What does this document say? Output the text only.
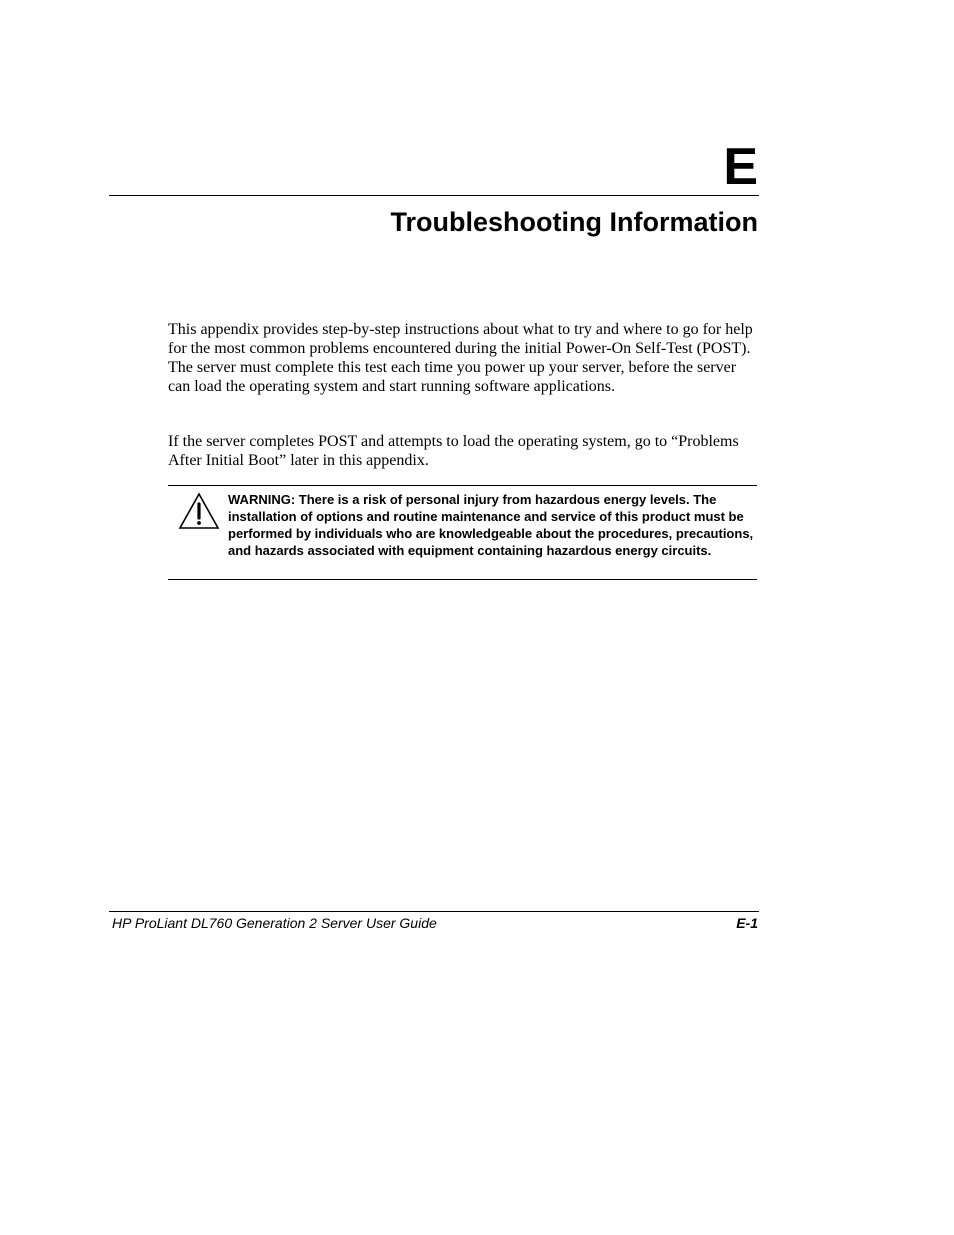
E
Troubleshooting Information

This appendix provides step-by-step instructions about what to try and where to go for help for the most common problems encountered during the initial Power-On Self-Test (POST). The server must complete this test each time you power up your server, before the server can load the operating system and start running software applications.

If the server completes POST and attempts to load the operating system, go to “Problems After Initial Boot” later in this appendix.

WARNING: There is a risk of personal injury from hazardous energy levels. The installation of options and routine maintenance and service of this product must be performed by individuals who are knowledgeable about the procedures, precautions, and hazards associated with equipment containing hazardous energy circuits.

HP ProLiant DL760 Generation 2 Server User Guide	E-1
